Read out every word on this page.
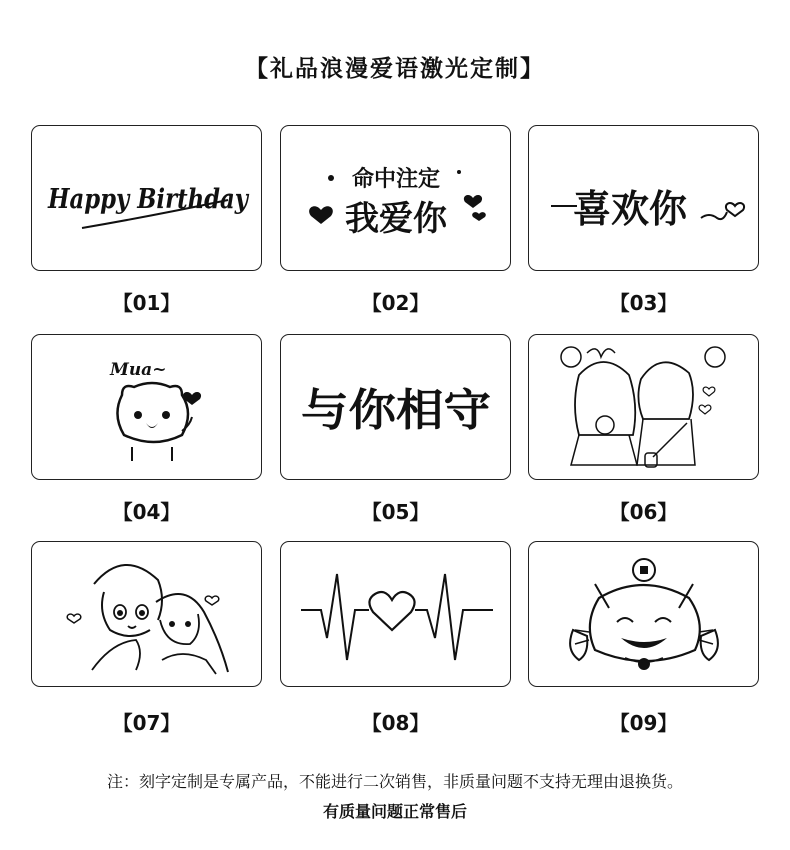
【礼品浪漫爱语激光定制】
Happy Birthday
【01】
命中注定
我爱你
【02】
喜欢你
【03】
Mua~
【04】
与你相守
【05】	【06】
【07】	【08】	【09】
注：刻字定制是专属产品，不能进行二次销售，非质量问题不支持无理由退换货。
有质量问题正常售后
